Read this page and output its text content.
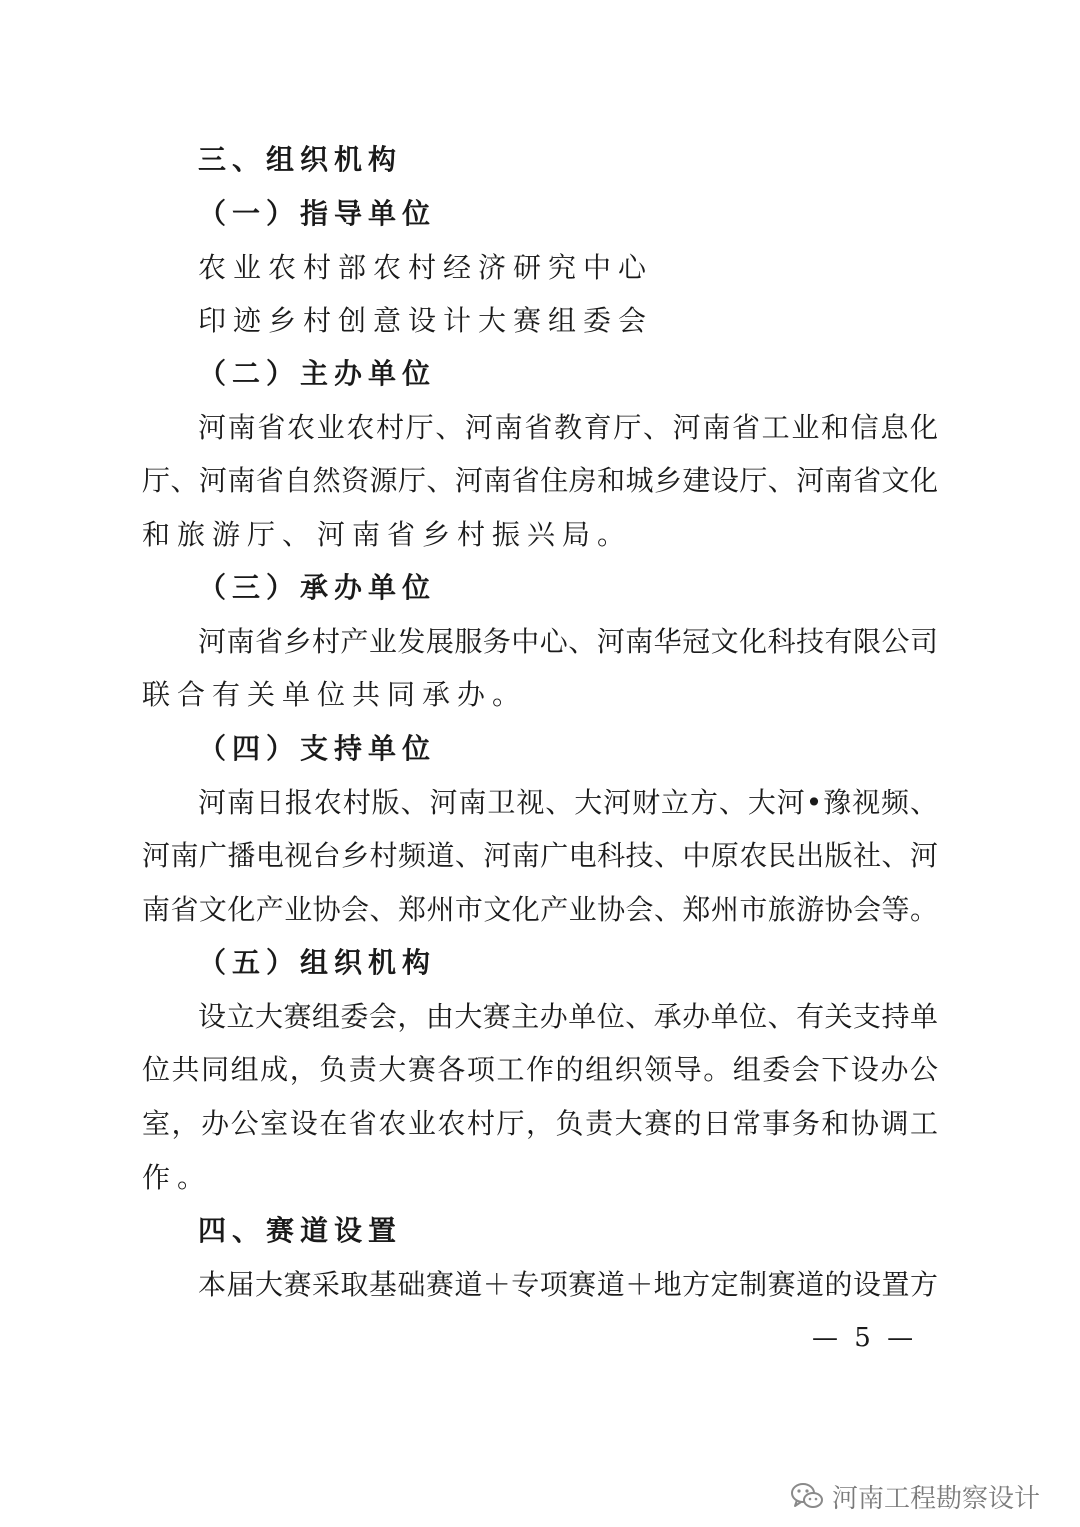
三、组织机构
（一）指导单位
农业农村部农村经济研究中心
印迹乡村创意设计大赛组委会
（二）主办单位
河南省农业农村厅、河南省教育厅、河南省工业和信息化
厅、河南省自然资源厅、河南省住房和城乡建设厅、河南省文化
和旅游厅、河南省乡村振兴局。
（三）承办单位
河南省乡村产业发展服务中心、河南华冠文化科技有限公司
联合有关单位共同承办。
（四）支持单位
河南日报农村版、河南卫视、大河财立方、大河•豫视频、
河南广播电视台乡村频道、河南广电科技、中原农民出版社、河
南省文化产业协会、郑州市文化产业协会、郑州市旅游协会等。
（五）组织机构
设立大赛组委会，由大赛主办单位、承办单位、有关支持单
位共同组成，负责大赛各项工作的组织领导。组委会下设办公
室，办公室设在省农业农村厅，负责大赛的日常事务和协调工
作。
四、赛道设置
本届大赛采取基础赛道＋专项赛道＋地方定制赛道的设置方
— 5 —
河南工程勘察设计
